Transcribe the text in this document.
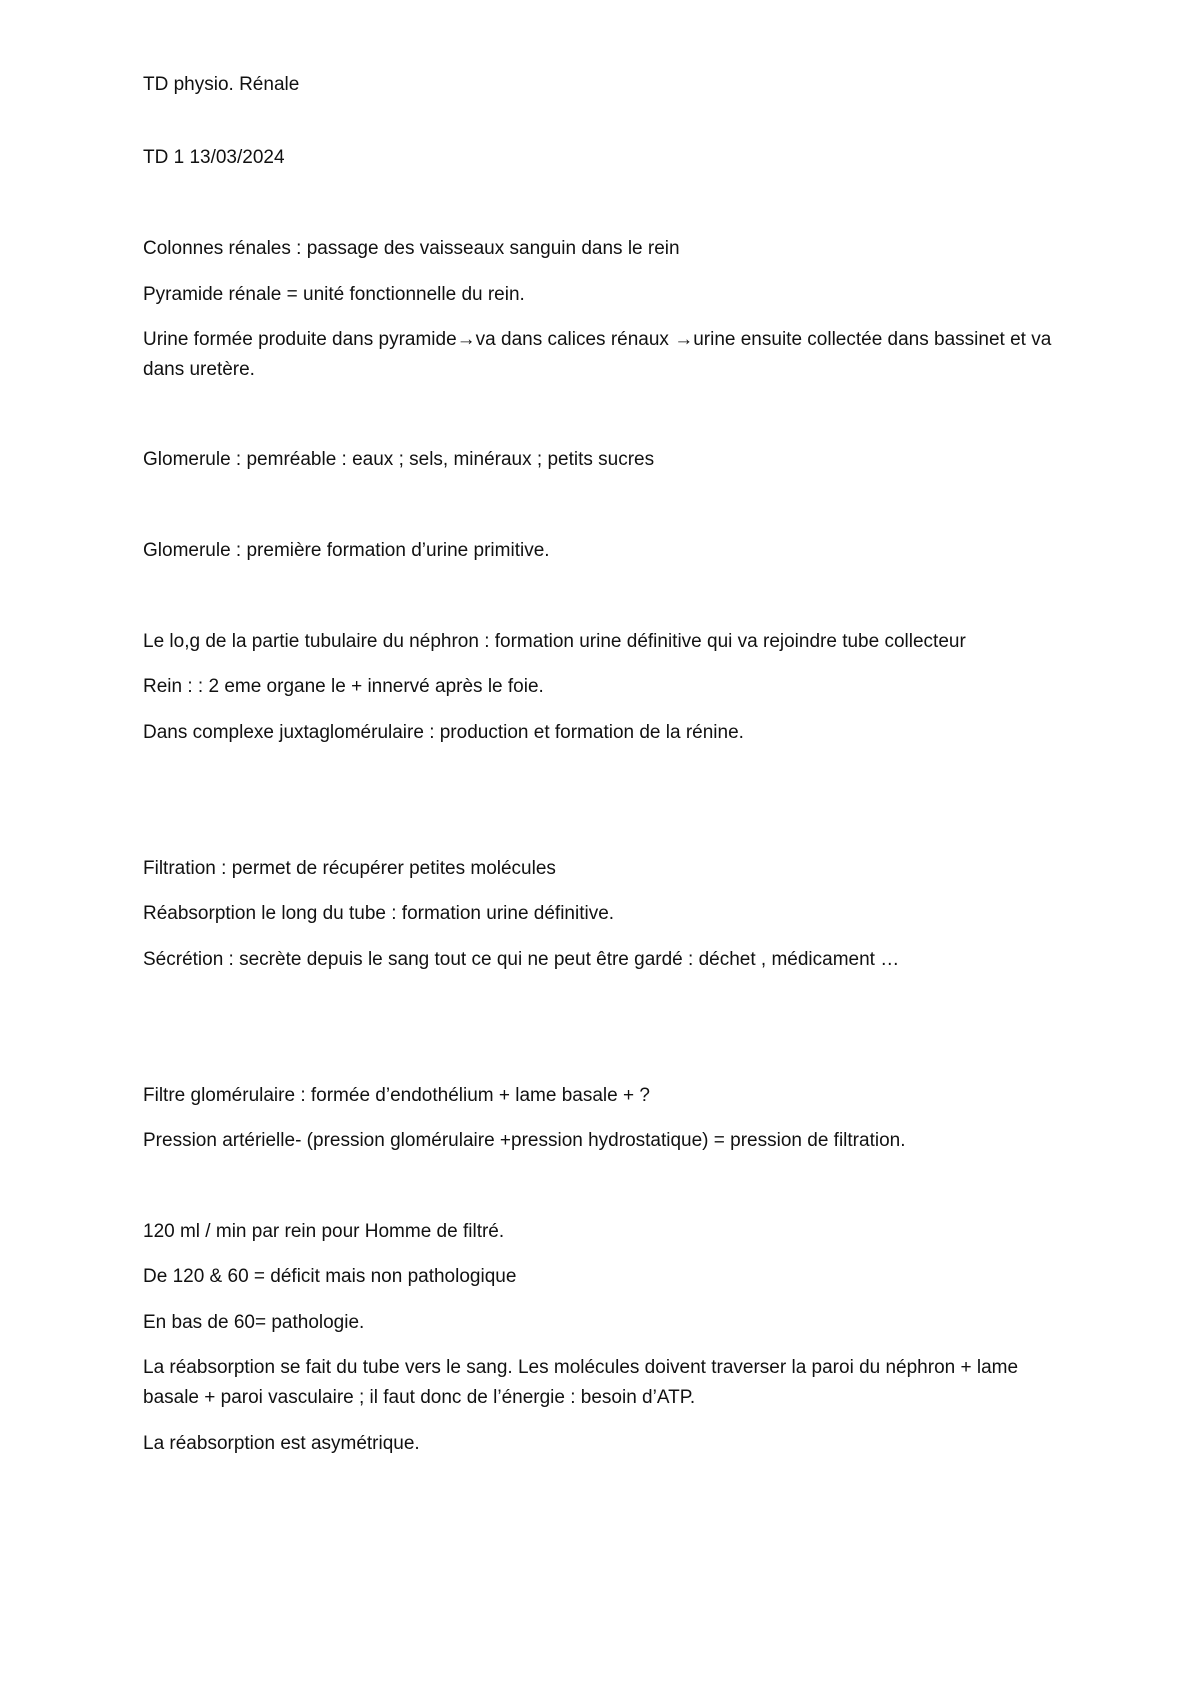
TD physio. Rénale
TD 1 13/03/2024
Colonnes rénales : passage des vaisseaux sanguin dans le rein
Pyramide rénale = unité fonctionnelle du rein.
Urine formée produite dans pyramide→va dans calices rénaux →urine ensuite collectée dans bassinet et va dans uretère.
Glomerule : pemréable : eaux ; sels, minéraux ; petits sucres
Glomerule : première formation d’urine primitive.
Le lo,g de la partie tubulaire du néphron : formation urine définitive qui va rejoindre tube collecteur
Rein : : 2 eme organe le + innervé après le foie.
Dans complexe juxtaglomérulaire : production et formation de la rénine.
Filtration : permet de récupérer petites molécules
Réabsorption le long du tube : formation urine définitive.
Sécrétion : secrète depuis le sang tout ce qui ne peut être gardé : déchet , médicament …
Filtre glomérulaire : formée d’endothélium + lame basale + ?
Pression artérielle- (pression glomérulaire +pression hydrostatique) = pression de filtration.
120 ml / min par rein pour Homme de filtré.
De 120 & 60 = déficit mais non pathologique
En bas de 60= pathologie.
La réabsorption se fait du tube vers le sang. Les molécules doivent traverser la paroi du néphron + lame basale + paroi vasculaire ; il faut donc de l’énergie : besoin d’ATP.
La réabsorption est asymétrique.
